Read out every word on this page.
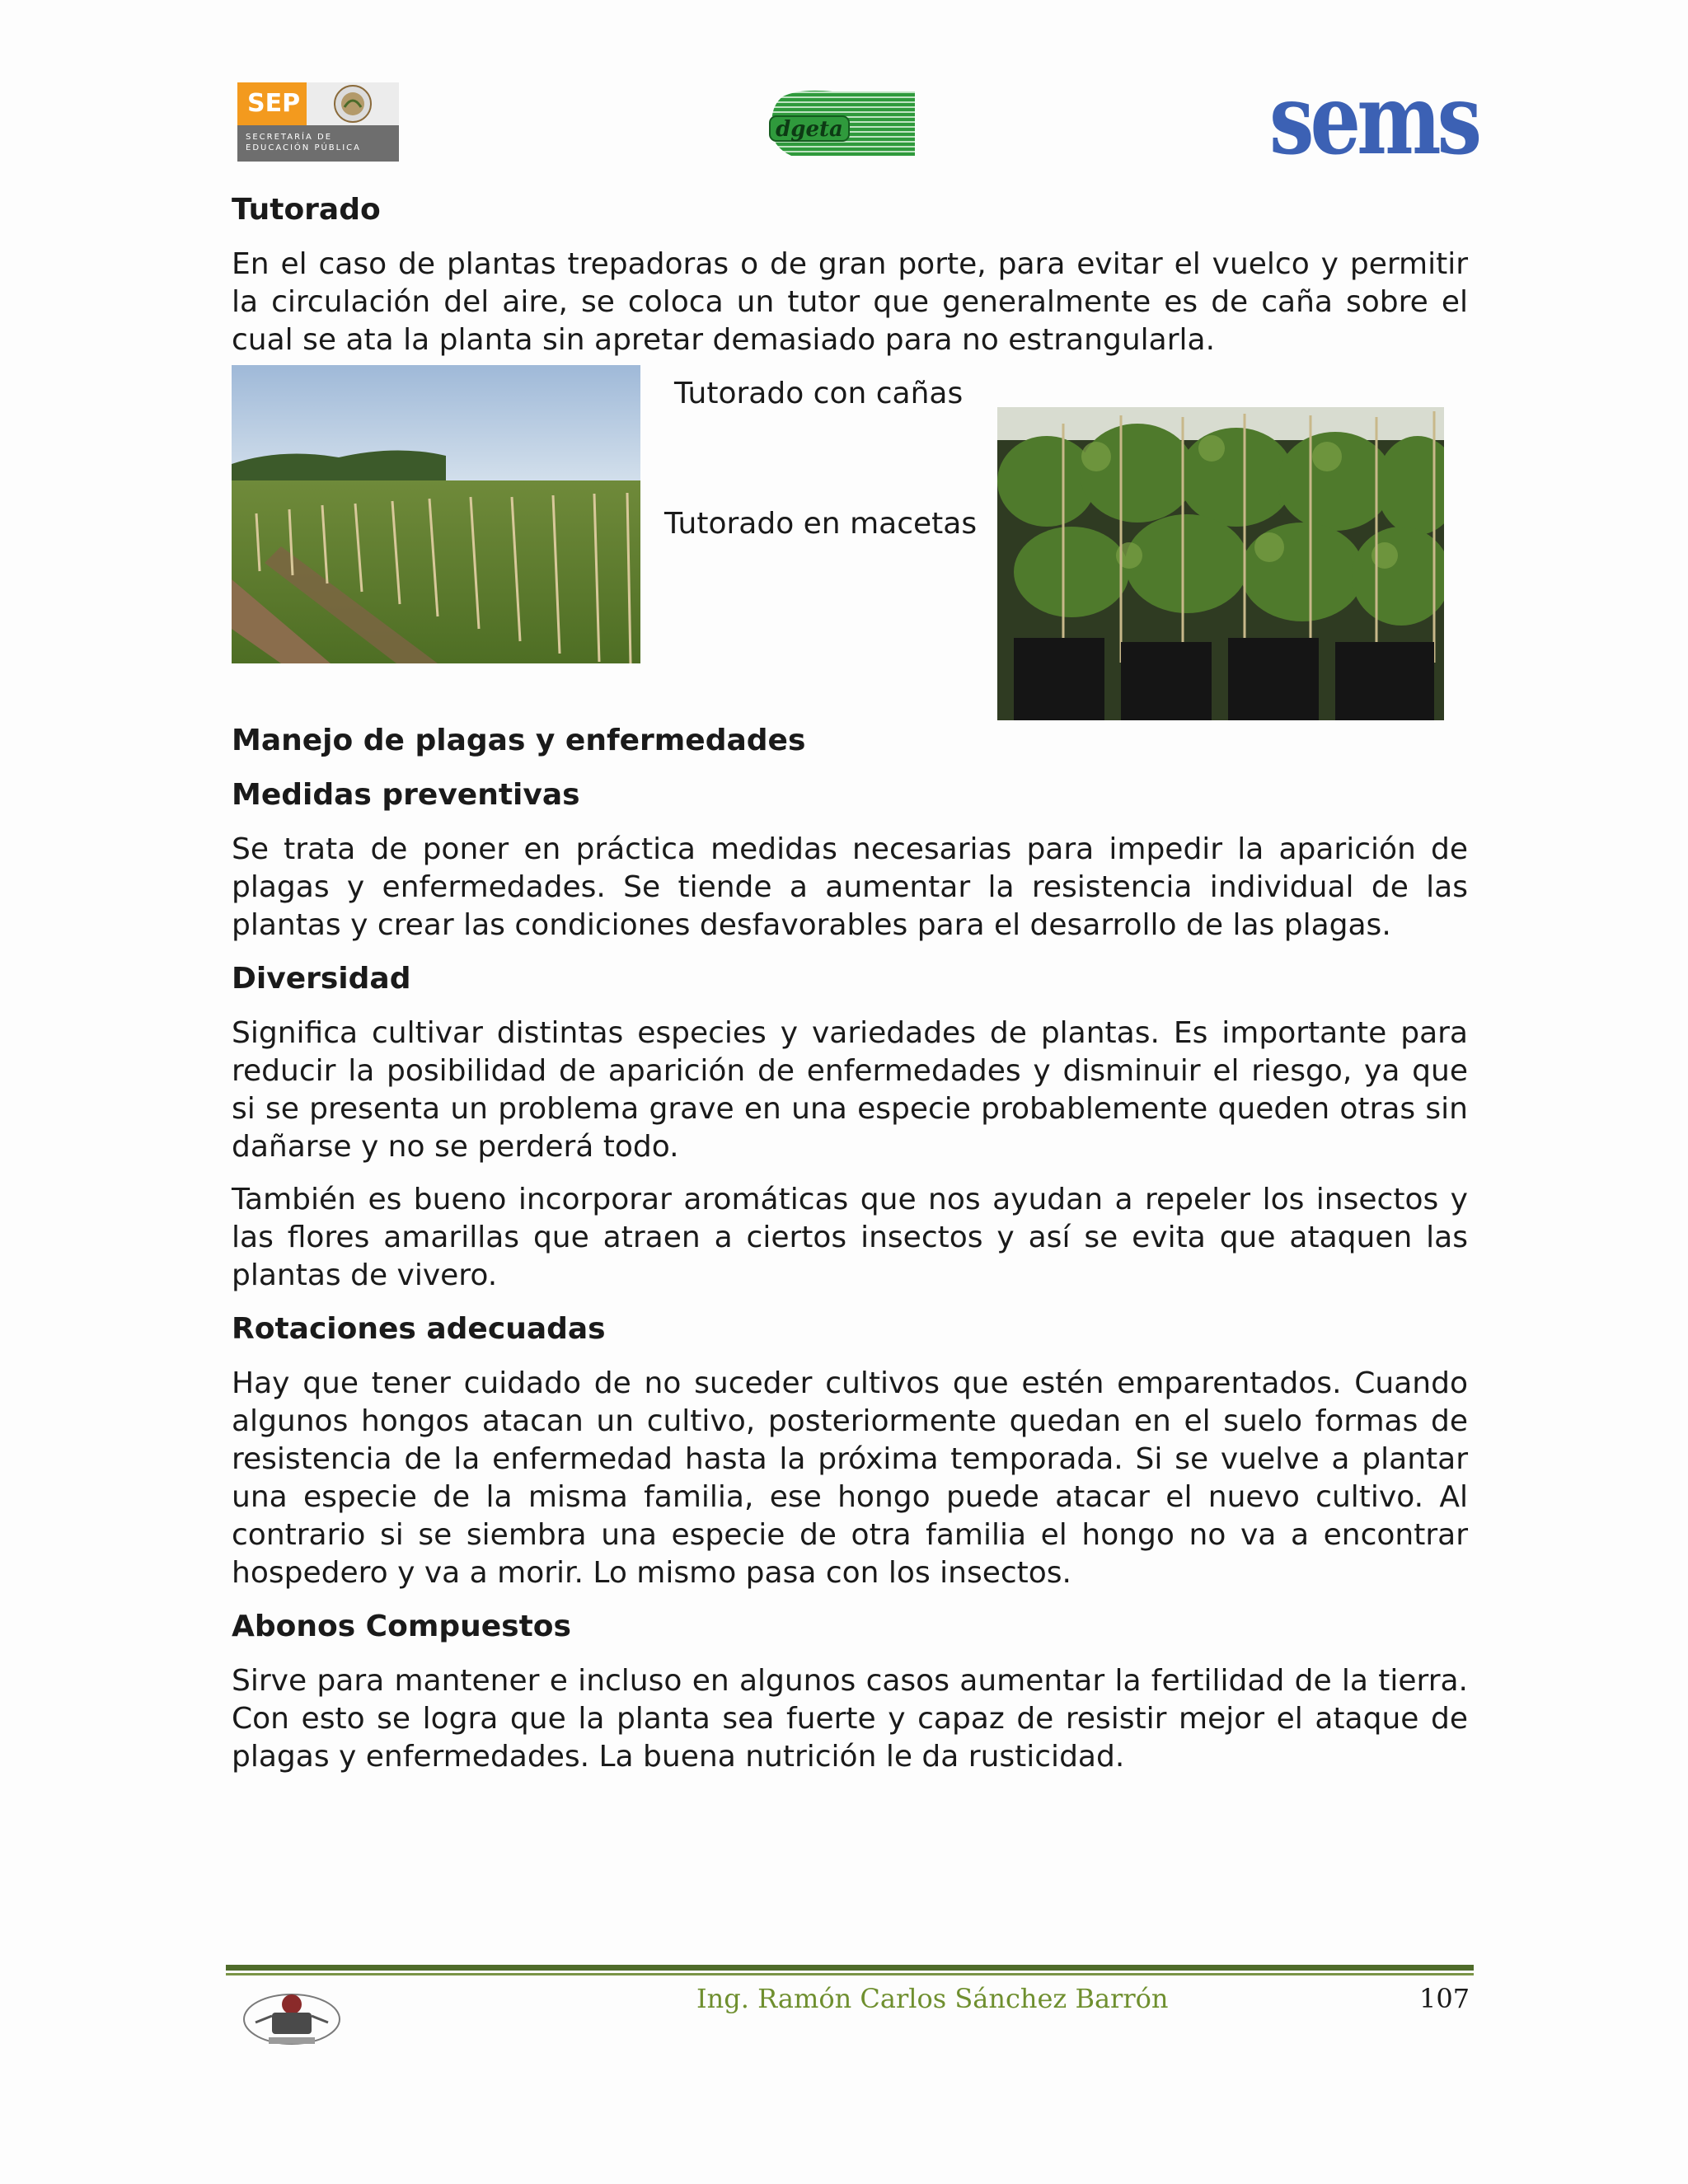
SEP
SECRETARÍA DE EDUCACIÓN PÚBLICA
dgeta	sems
Tutorado
En el caso de plantas trepadoras o de gran porte, para evitar el vuelco y permitir la circulación del aire, se coloca un tutor que generalmente es de caña sobre el cual se ata la planta sin apretar demasiado para no estrangularla.
Tutorado con cañas
Tutorado en macetas
Manejo de plagas y enfermedades
Medidas preventivas
Se trata de poner en práctica medidas necesarias para impedir la aparición de plagas y enfermedades. Se tiende a aumentar la resistencia individual de las plantas y crear las condiciones desfavorables para el desarrollo de las plagas.
Diversidad
Significa cultivar distintas especies y variedades de plantas. Es importante para reducir la posibilidad de aparición de enfermedades y disminuir el riesgo, ya que si se presenta un problema grave en una especie probablemente queden otras sin dañarse y no se perderá todo.
También es bueno incorporar aromáticas que nos ayudan a repeler los insectos y las flores amarillas que atraen a ciertos insectos y así se evita que ataquen las plantas de vivero.
Rotaciones adecuadas
Hay que tener cuidado de no suceder cultivos que estén emparentados. Cuando algunos hongos atacan un cultivo, posteriormente quedan en el suelo formas de resistencia de la enfermedad hasta la próxima temporada. Si se vuelve a plantar una especie de la misma familia, ese hongo puede atacar el nuevo cultivo. Al contrario si se siembra una especie de otra familia el hongo no va a encontrar hospedero y va a morir. Lo mismo pasa con los insectos.
Abonos Compuestos
Sirve para mantener e incluso en algunos casos aumentar la fertilidad de la tierra. Con esto se logra que la planta sea fuerte y capaz de resistir mejor el ataque de plagas y enfermedades. La buena nutrición le da rusticidad.
Ing. Ramón Carlos Sánchez Barrón	107
